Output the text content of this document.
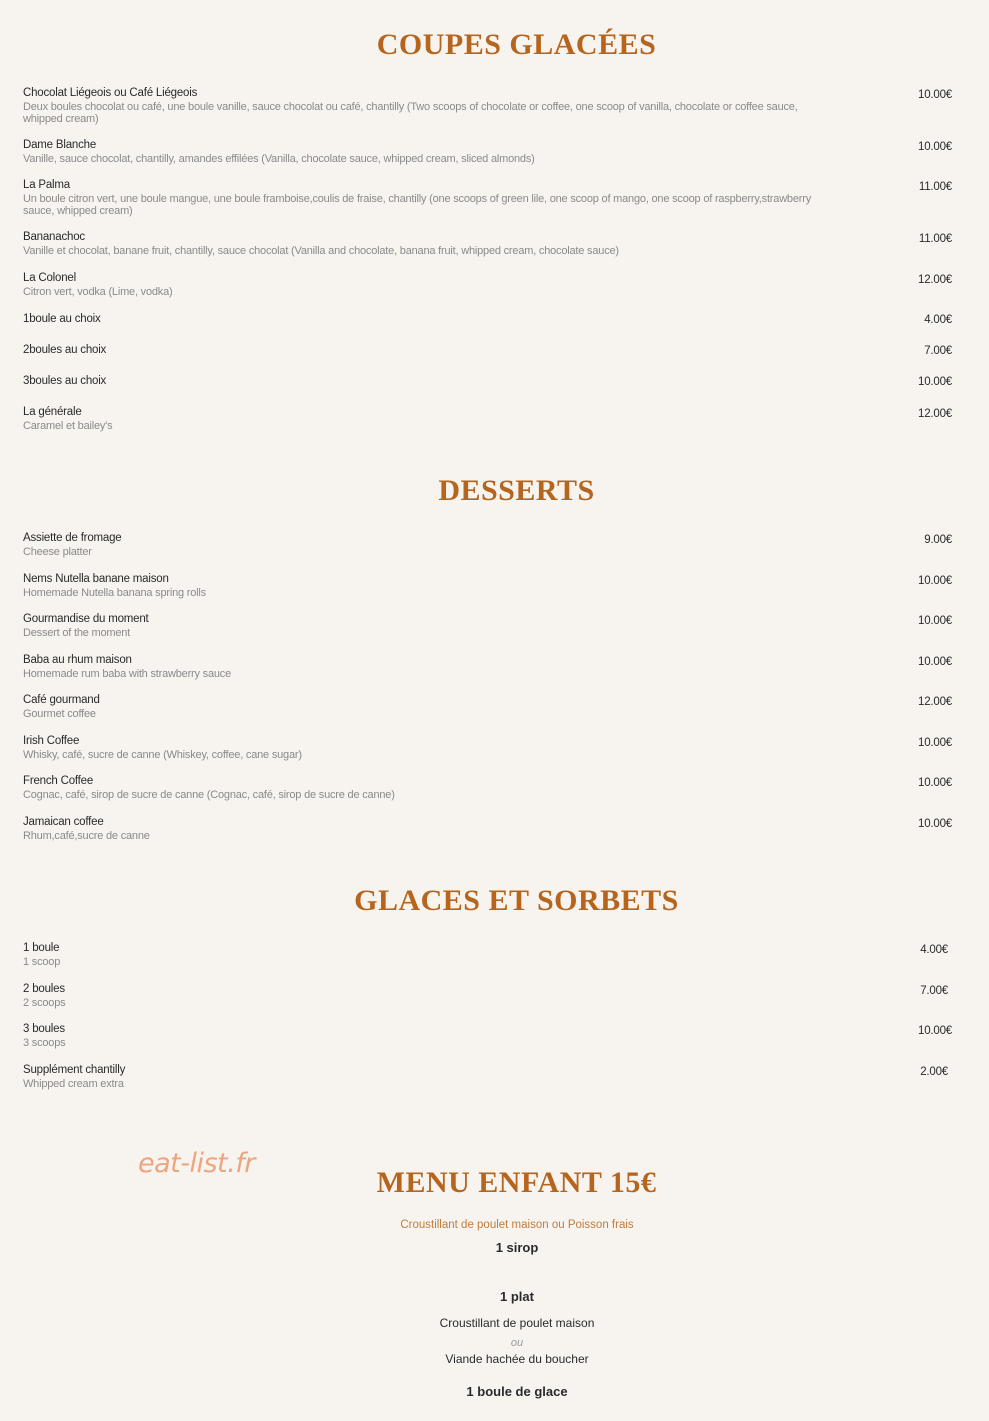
COUPES GLACÉES
Chocolat Liégeois ou Café Liégeois
Deux boules chocolat ou café, une boule vanille, sauce chocolat ou café, chantilly (Two scoops of chocolate or coffee, one scoop of vanilla, chocolate or coffee sauce, whipped cream)
10.00€
Dame Blanche
Vanille, sauce chocolat, chantilly, amandes effilées (Vanilla, chocolate sauce, whipped cream, sliced almonds)
10.00€
La Palma
Un boule citron vert, une boule mangue, une boule framboise,coulis de fraise, chantilly (one scoops of green lile, one scoop of mango, one scoop of raspberry,strawberry sauce, whipped cream)
11.00€
Bananachoc
Vanille et chocolat, banane fruit, chantilly, sauce chocolat (Vanilla and chocolate, banana fruit, whipped cream, chocolate sauce)
11.00€
La Colonel
Citron vert, vodka (Lime, vodka)
12.00€
1boule au choix	4.00€
2boules au choix	7.00€
3boules au choix	10.00€
La générale
Caramel et bailey's
12.00€
DESSERTS
Assiette de fromage
Cheese platter
9.00€
Nems Nutella banane maison
Homemade Nutella banana spring rolls
10.00€
Gourmandise du moment
Dessert of the moment
10.00€
Baba au rhum maison
Homemade rum baba with strawberry sauce
10.00€
Café gourmand
Gourmet coffee
12.00€
Irish Coffee
Whisky, café, sucre de canne (Whiskey, coffee, cane sugar)
10.00€
French Coffee
Cognac, café, sirop de sucre de canne (Cognac, café, sirop de sucre de canne)
10.00€
Jamaican coffee
Rhum,café,sucre de canne
10.00€
GLACES ET SORBETS
1 boule
1 scoop
4.00€
2 boules
2 scoops
7.00€
3 boules
3 scoops
10.00€
Supplément chantilly
Whipped cream extra
2.00€
eat-list.fr
MENU ENFANT 15€
Croustillant de poulet maison ou Poisson frais
1 sirop
1 plat
Croustillant de poulet maison
ou
Viande hachée du boucher
1 boule de glace
